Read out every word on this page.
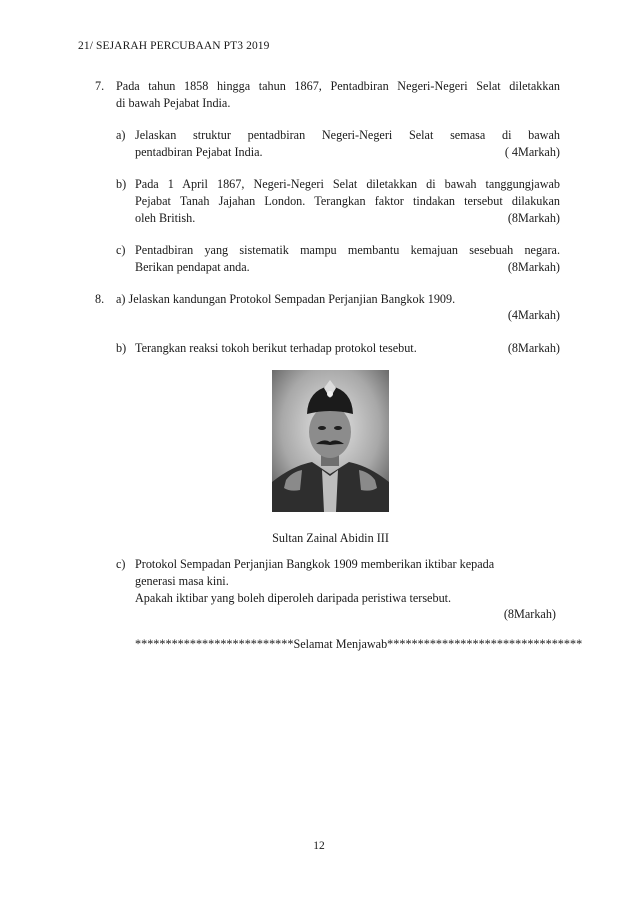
21/ SEJARAH PERCUBAAN PT3 2019
7. Pada tahun 1858 hingga tahun 1867, Pentadbiran Negeri-Negeri Selat diletakkan
di bawah Pejabat India.
a) Jelaskan struktur pentadbiran Negeri-Negeri Selat semasa di bawah
pentadbiran Pejabat India.	( 4Markah)
b) Pada 1 April 1867, Negeri-Negeri Selat diletakkan di bawah tanggungjawab
Pejabat Tanah Jajahan London. Terangkan faktor tindakan tersebut dilakukan
oleh British.	(8Markah)
c) Pentadbiran yang sistematik mampu membantu kemajuan sesebuah negara.
Berikan pendapat anda.	(8Markah)
8. a) Jelaskan kandungan Protokol Sempadan Perjanjian Bangkok 1909.
(4Markah)
b) Terangkan reaksi tokoh berikut terhadap protokol tesebut.	(8Markah)
Sultan Zainal Abidin III
c) Protokol Sempadan Perjanjian Bangkok 1909 memberikan iktibar kepada
generasi masa kini.
Apakah iktibar yang boleh diperoleh daripada peristiwa tersebut.
(8Markah)
**************************Selamat Menjawab********************************
12
